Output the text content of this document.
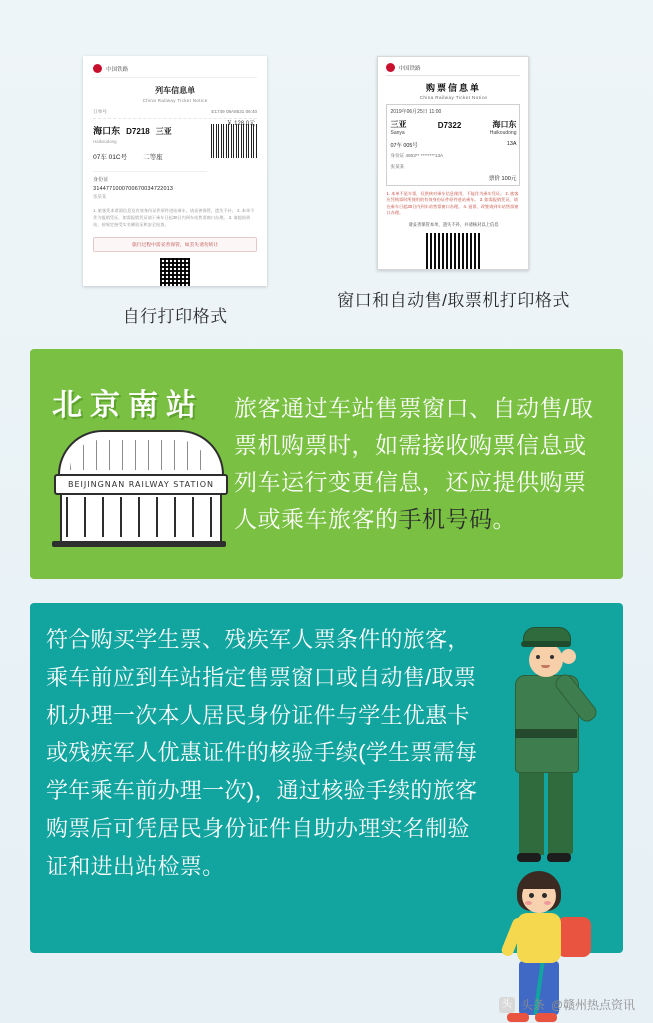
中国铁路
列车信息单
China Railway Ticket Notice
订单号	E1749 08A8531 06:40
海口东 D7218 三亚
Haikoudong
07车 01C号 二等座
身份证
3144771000700670034722013
张某某
￥ 128.0元
1. 旅客凭本票面信息及有效身份证件原件进站乘车，请妥善保管，遗失不补。 2. 本单不作为报销凭证，如需报销凭证请于乘车日起30日内到车站售票窗口办理。 3. 请提前到站，按规定接受实名制验证和安全检查。
旅行过程中需妥善保管，如丢失请勿转让
自行打印格式
中国铁路
购票信息单
China Railway Ticket Notice
2019年06月25日 11:00
三亚	D7322	海口东
Sanya	Haikoudong
07车 005号	13A
身份证 4603** ********13A
张某某
票价 100元
1. 本单不是车票，仅供核对乘车信息使用，不能作为乘车凭证。 2. 旅客应凭购票时所使用的有效身份证件原件进站乘车。 3. 如需报销凭证，请在乘车日起30日内到车站售票窗口办理。 4. 退票、改签请到车站售票窗口办理。
请妥善保管本单，遗失不补，并请核对以上信息
窗口和自动售/取票机打印格式
北京南站
BEIJINGNAN RAILWAY STATION
旅客通过车站售票窗口、自动售/取票机购票时，如需接收购票信息或列车运行变更信息，还应提供购票人或乘车旅客的手机号码。
符合购买学生票、残疾军人票条件的旅客，乘车前应到车站指定售票窗口或自动售/取票机办理一次本人居民身份证件与学生优惠卡或残疾军人优惠证件的核验手续(学生票需每学年乘车前办理一次)，通过核验手续的旅客购票后可凭居民身份证件自助办理实名制验证和进出站检票。
头 头条 @赣州热点资讯
